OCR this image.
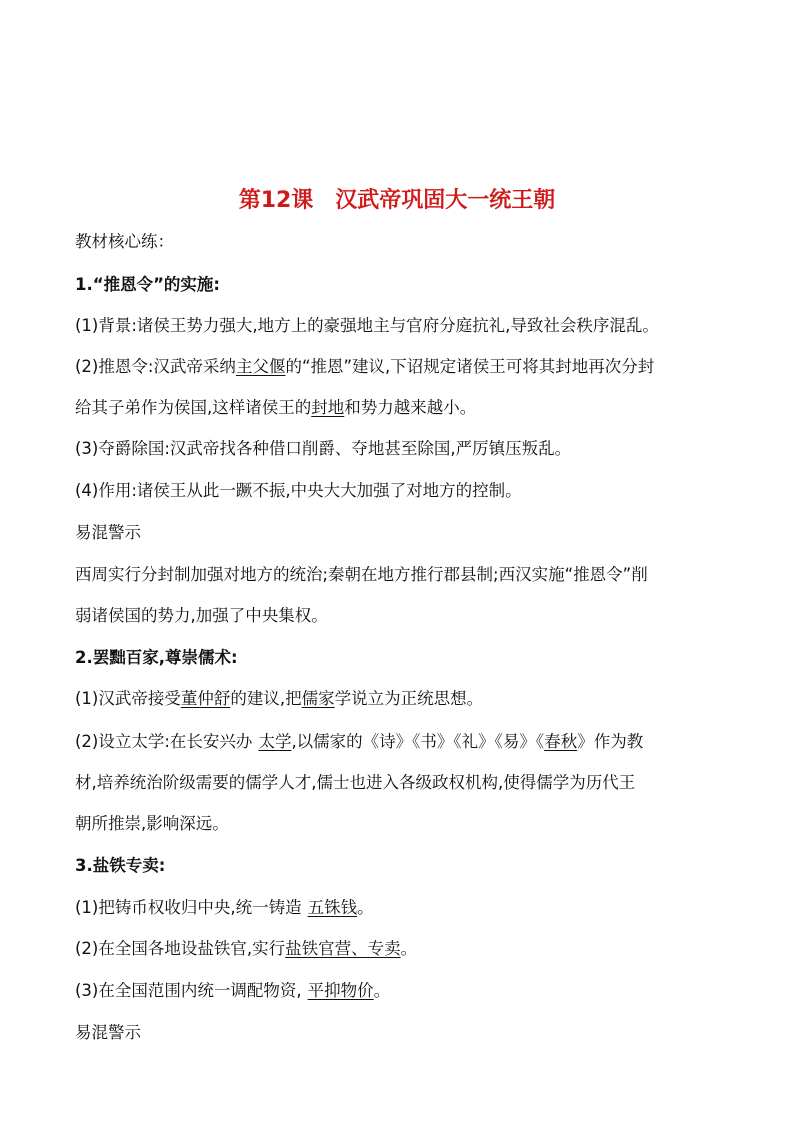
第12课　汉武帝巩固大一统王朝
教材核心练：
1.“推恩令”的实施:
(1)背景:诸侯王势力强大,地方上的豪强地主与官府分庭抗礼,导致社会秩序混乱。
(2)推恩令:汉武帝采纳主父偃的“推恩”建议,下诏规定诸侯王可将其封地再次分封
给其子弟作为侯国,这样诸侯王的封地和势力越来越小。
(3)夺爵除国:汉武帝找各种借口削爵、夺地甚至除国,严厉镇压叛乱。
(4)作用:诸侯王从此一蹶不振,中央大大加强了对地方的控制。
易混警示
西周实行分封制加强对地方的统治;秦朝在地方推行郡县制;西汉实施“推恩令”削
弱诸侯国的势力,加强了中央集权。
2.罢黜百家,尊崇儒术:
(1)汉武帝接受董仲舒的建议,把儒家学说立为正统思想。
(2)设立太学:在长安兴办 太学,以儒家的《诗》《书》《礼》《易》《春秋》作为教
材,培养统治阶级需要的儒学人才,儒士也进入各级政权机构,使得儒学为历代王
朝所推崇,影响深远。
3.盐铁专卖:
(1)把铸币权收归中央,统一铸造 五铢钱。
(2)在全国各地设盐铁官,实行盐铁官营、专卖。
(3)在全国范围内统一调配物资, 平抑物价。
易混警示
